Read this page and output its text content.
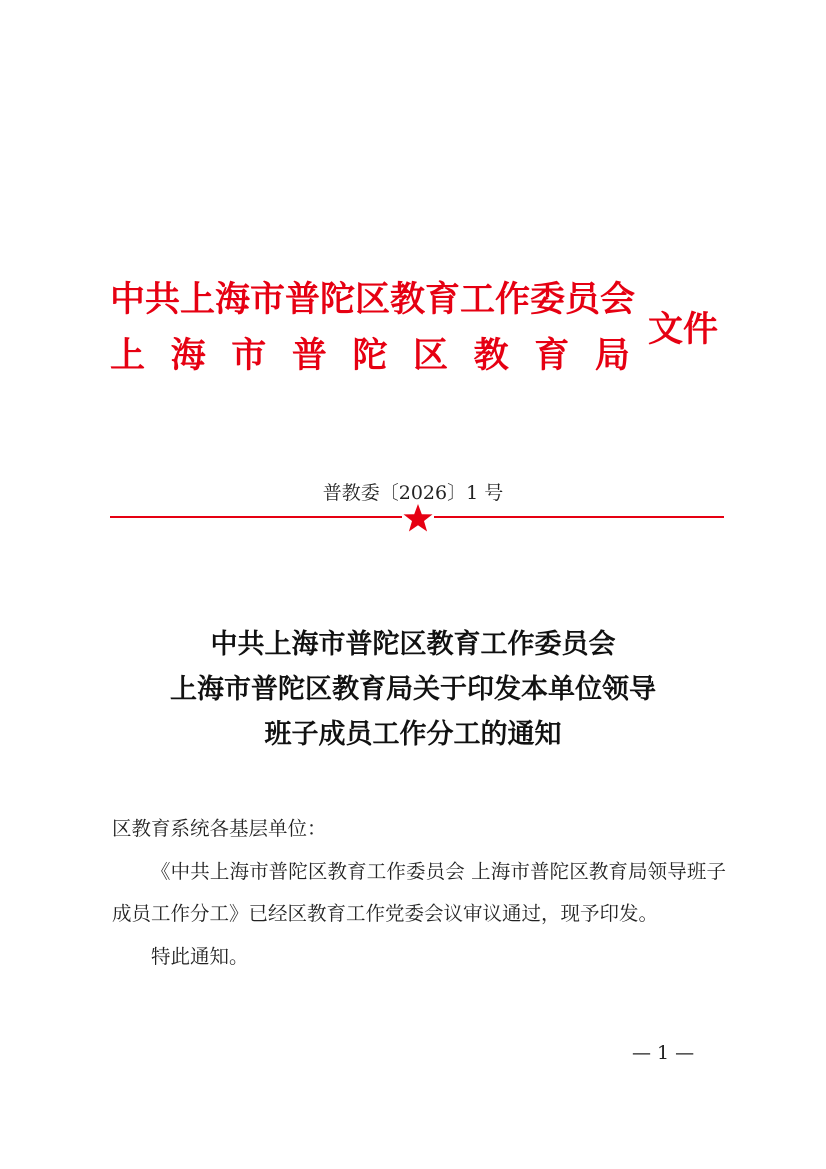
中共上海市普陀区教育工作委员会
上 海 市 普 陀 区 教 育 局
文件
普教委〔2026〕1 号
中共上海市普陀区教育工作委员会
上海市普陀区教育局关于印发本单位领导
班子成员工作分工的通知

区教育系统各基层单位：

《中共上海市普陀区教育工作委员会 上海市普陀区教育局领导班子成员工作分工》已经区教育工作党委会议审议通过，现予印发。

特此通知。

— 1 —
